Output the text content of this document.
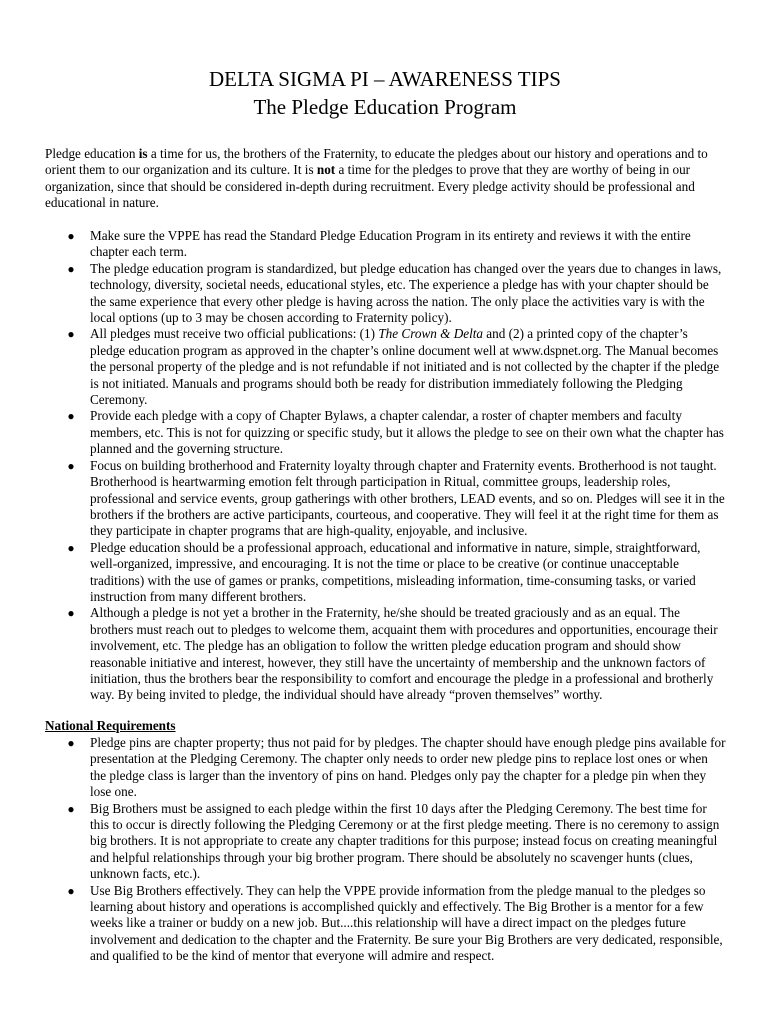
DELTA SIGMA PI – AWARENESS TIPS
The Pledge Education Program

Pledge education is a time for us, the brothers of the Fraternity, to educate the pledges about our history and operations and to orient them to our organization and its culture. It is not a time for the pledges to prove that they are worthy of being in our organization, since that should be considered in-depth during recruitment. Every pledge activity should be professional and educational in nature.

● Make sure the VPPE has read the Standard Pledge Education Program in its entirety and reviews it with the entire chapter each term.
● The pledge education program is standardized, but pledge education has changed over the years due to changes in laws, technology, diversity, societal needs, educational styles, etc. The experience a pledge has with your chapter should be the same experience that every other pledge is having across the nation. The only place the activities vary is with the local options (up to 3 may be chosen according to Fraternity policy).
● All pledges must receive two official publications: (1) The Crown & Delta and (2) a printed copy of the chapter’s pledge education program as approved in the chapter’s online document well at www.dspnet.org. The Manual becomes the personal property of the pledge and is not refundable if not initiated and is not collected by the chapter if the pledge is not initiated. Manuals and programs should both be ready for distribution immediately following the Pledging Ceremony.
● Provide each pledge with a copy of Chapter Bylaws, a chapter calendar, a roster of chapter members and faculty members, etc. This is not for quizzing or specific study, but it allows the pledge to see on their own what the chapter has planned and the governing structure.
● Focus on building brotherhood and Fraternity loyalty through chapter and Fraternity events. Brotherhood is not taught. Brotherhood is heartwarming emotion felt through participation in Ritual, committee groups, leadership roles, professional and service events, group gatherings with other brothers, LEAD events, and so on. Pledges will see it in the brothers if the brothers are active participants, courteous, and cooperative. They will feel it at the right time for them as they participate in chapter programs that are high-quality, enjoyable, and inclusive.
● Pledge education should be a professional approach, educational and informative in nature, simple, straightforward, well-organized, impressive, and encouraging. It is not the time or place to be creative (or continue unacceptable traditions) with the use of games or pranks, competitions, misleading information, time-consuming tasks, or varied instruction from many different brothers.
● Although a pledge is not yet a brother in the Fraternity, he/she should be treated graciously and as an equal. The brothers must reach out to pledges to welcome them, acquaint them with procedures and opportunities, encourage their involvement, etc. The pledge has an obligation to follow the written pledge education program and should show reasonable initiative and interest, however, they still have the uncertainty of membership and the unknown factors of initiation, thus the brothers bear the responsibility to comfort and encourage the pledge in a professional and brotherly way. By being invited to pledge, the individual should have already “proven themselves” worthy.

National Requirements

● Pledge pins are chapter property; thus not paid for by pledges. The chapter should have enough pledge pins available for presentation at the Pledging Ceremony. The chapter only needs to order new pledge pins to replace lost ones or when the pledge class is larger than the inventory of pins on hand. Pledges only pay the chapter for a pledge pin when they lose one.
● Big Brothers must be assigned to each pledge within the first 10 days after the Pledging Ceremony. The best time for this to occur is directly following the Pledging Ceremony or at the first pledge meeting. There is no ceremony to assign big brothers. It is not appropriate to create any chapter traditions for this purpose; instead focus on creating meaningful and helpful relationships through your big brother program. There should be absolutely no scavenger hunts (clues, unknown facts, etc.).
● Use Big Brothers effectively. They can help the VPPE provide information from the pledge manual to the pledges so learning about history and operations is accomplished quickly and effectively. The Big Brother is a mentor for a few weeks like a trainer or buddy on a new job. But....this relationship will have a direct impact on the pledges future involvement and dedication to the chapter and the Fraternity. Be sure your Big Brothers are very dedicated, responsible, and qualified to be the kind of mentor that everyone will admire and respect.
